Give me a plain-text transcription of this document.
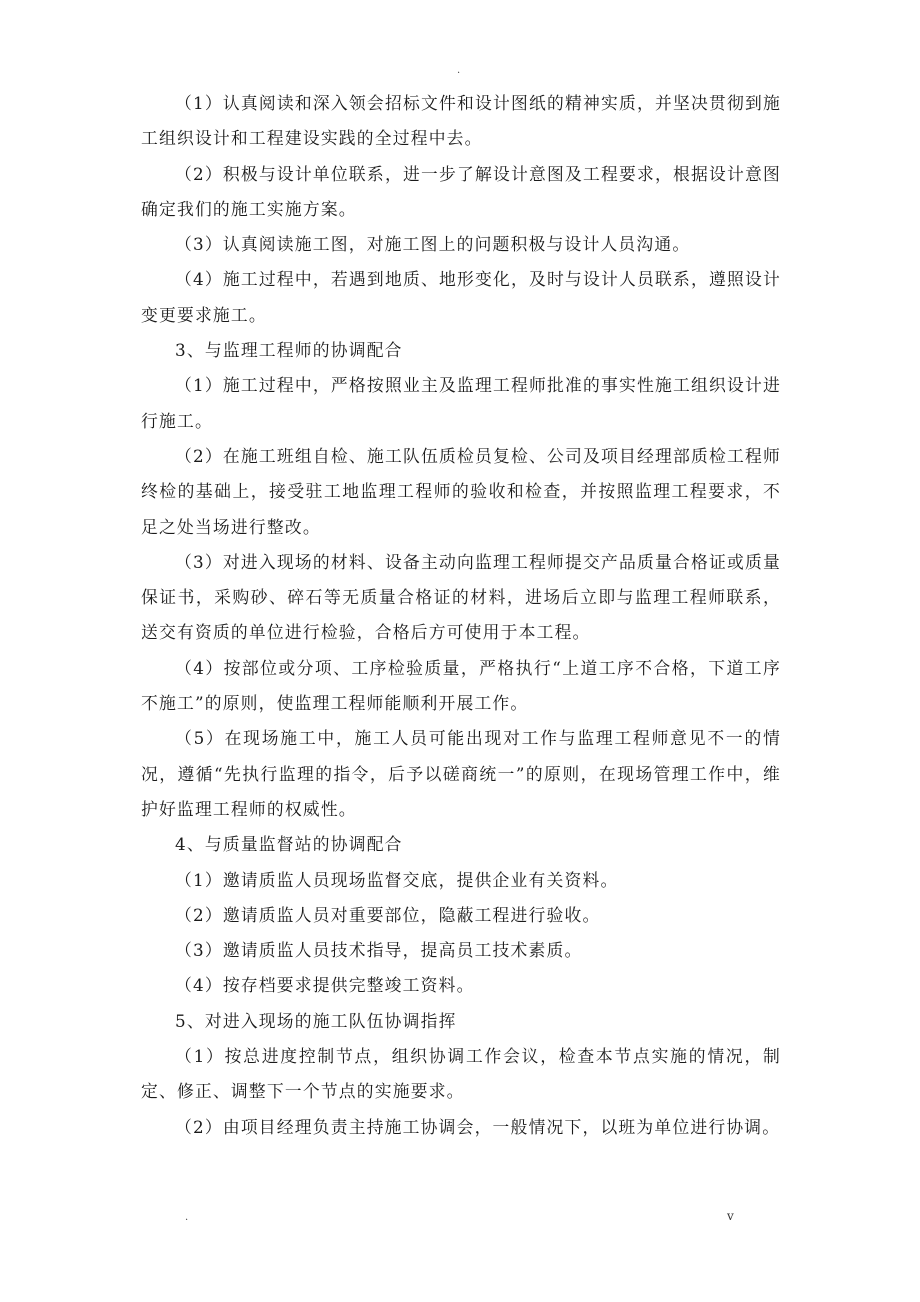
.

（1）认真阅读和深入领会招标文件和设计图纸的精神实质，并坚决贯彻到施工组织设计和工程建设实践的全过程中去。

（2）积极与设计单位联系，进一步了解设计意图及工程要求，根据设计意图确定我们的施工实施方案。

（3）认真阅读施工图，对施工图上的问题积极与设计人员沟通。

（4）施工过程中，若遇到地质、地形变化，及时与设计人员联系，遵照设计变更要求施工。

3、与监理工程师的协调配合

（1）施工过程中，严格按照业主及监理工程师批准的事实性施工组织设计进行施工。

（2）在施工班组自检、施工队伍质检员复检、公司及项目经理部质检工程师终检的基础上，接受驻工地监理工程师的验收和检查，并按照监理工程要求，不足之处当场进行整改。

（3）对进入现场的材料、设备主动向监理工程师提交产品质量合格证或质量保证书，采购砂、碎石等无质量合格证的材料，进场后立即与监理工程师联系，送交有资质的单位进行检验，合格后方可使用于本工程。

（4）按部位或分项、工序检验质量，严格执行“上道工序不合格，下道工序不施工”的原则，使监理工程师能顺利开展工作。

（5）在现场施工中，施工人员可能出现对工作与监理工程师意见不一的情况，遵循“先执行监理的指令，后予以磋商统一”的原则，在现场管理工作中，维护好监理工程师的权威性。

4、与质量监督站的协调配合

（1）邀请质监人员现场监督交底，提供企业有关资料。

（2）邀请质监人员对重要部位，隐蔽工程进行验收。

（3）邀请质监人员技术指导，提高员工技术素质。

（4）按存档要求提供完整竣工资料。

5、对进入现场的施工队伍协调指挥

（1）按总进度控制节点，组织协调工作会议，检查本节点实施的情况，制定、修正、调整下一个节点的实施要求。

（2）由项目经理负责主持施工协调会，一般情况下，以班为单位进行协调。

.	v
